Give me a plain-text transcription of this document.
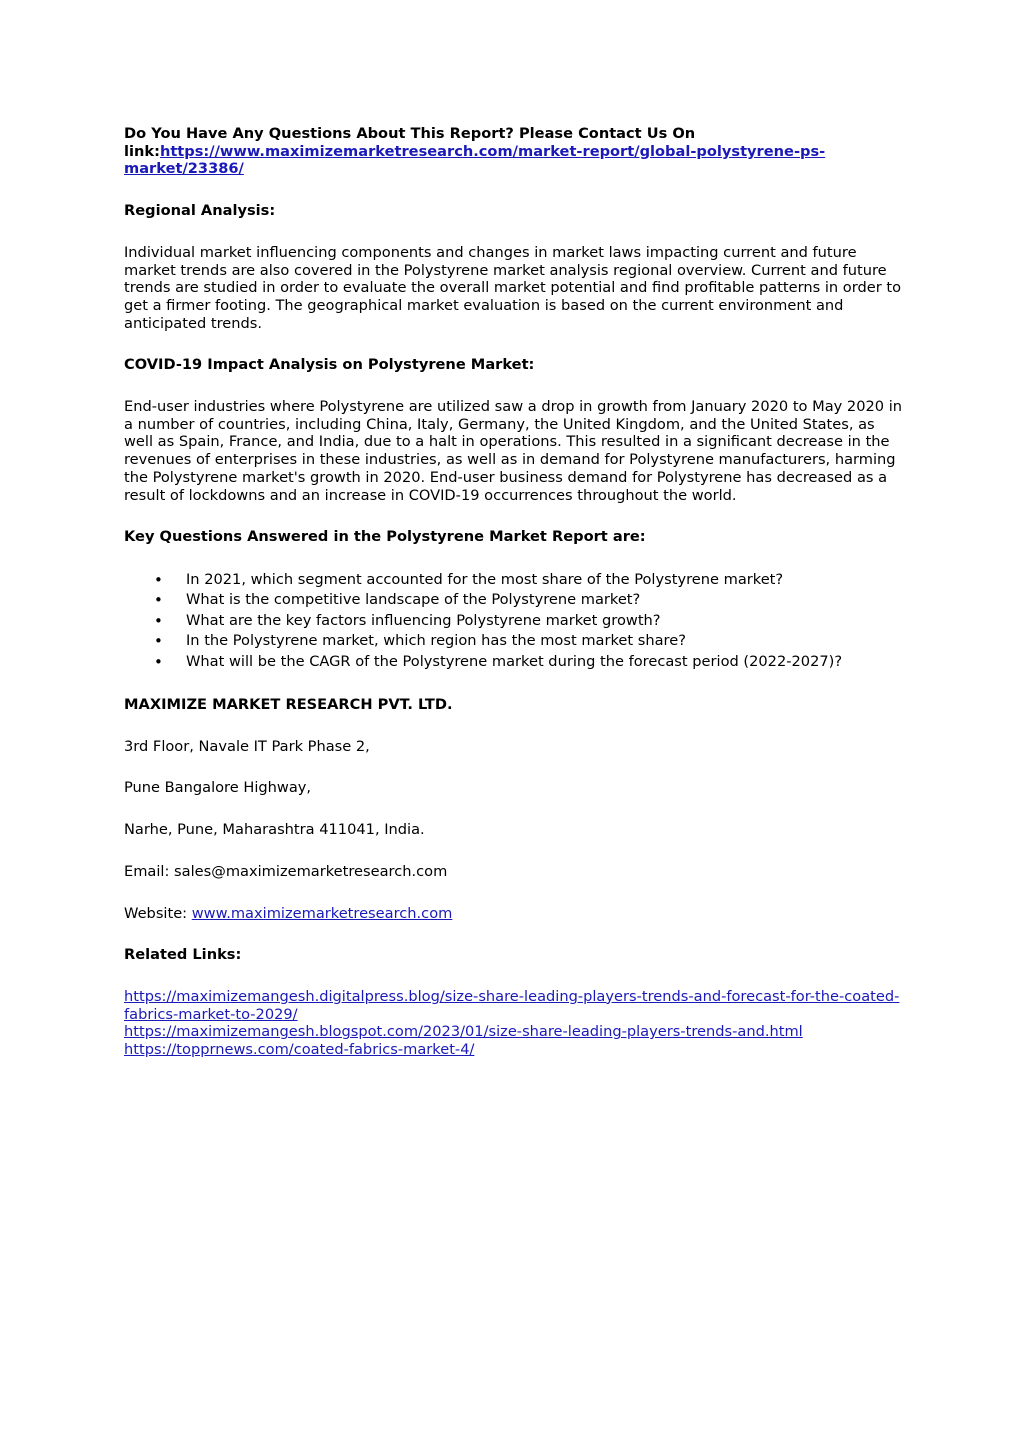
Do You Have Any Questions About This Report? Please Contact Us On link:https://www.maximizemarketresearch.com/market-report/global-polystyrene-ps-market/23386/

Regional Analysis:

Individual market influencing components and changes in market laws impacting current and future market trends are also covered in the Polystyrene market analysis regional overview. Current and future trends are studied in order to evaluate the overall market potential and find profitable patterns in order to get a firmer footing. The geographical market evaluation is based on the current environment and anticipated trends.

COVID-19 Impact Analysis on Polystyrene Market:

End-user industries where Polystyrene are utilized saw a drop in growth from January 2020 to May 2020 in a number of countries, including China, Italy, Germany, the United Kingdom, and the United States, as well as Spain, France, and India, due to a halt in operations. This resulted in a significant decrease in the revenues of enterprises in these industries, as well as in demand for Polystyrene manufacturers, harming the Polystyrene market's growth in 2020. End-user business demand for Polystyrene has decreased as a result of lockdowns and an increase in COVID-19 occurrences throughout the world.

Key Questions Answered in the Polystyrene Market Report are:

• In 2021, which segment accounted for the most share of the Polystyrene market?
• What is the competitive landscape of the Polystyrene market?
• What are the key factors influencing Polystyrene market growth?
• In the Polystyrene market, which region has the most market share?
• What will be the CAGR of the Polystyrene market during the forecast period (2022-2027)?

MAXIMIZE MARKET RESEARCH PVT. LTD.

3rd Floor, Navale IT Park Phase 2,

Pune Bangalore Highway,

Narhe, Pune, Maharashtra 411041, India.

Email: sales@maximizemarketresearch.com

Website: www.maximizemarketresearch.com

Related Links:

https://maximizemangesh.digitalpress.blog/size-share-leading-players-trends-and-forecast-for-the-coated-fabrics-market-to-2029/
https://maximizemangesh.blogspot.com/2023/01/size-share-leading-players-trends-and.html
https://topprnews.com/coated-fabrics-market-4/
